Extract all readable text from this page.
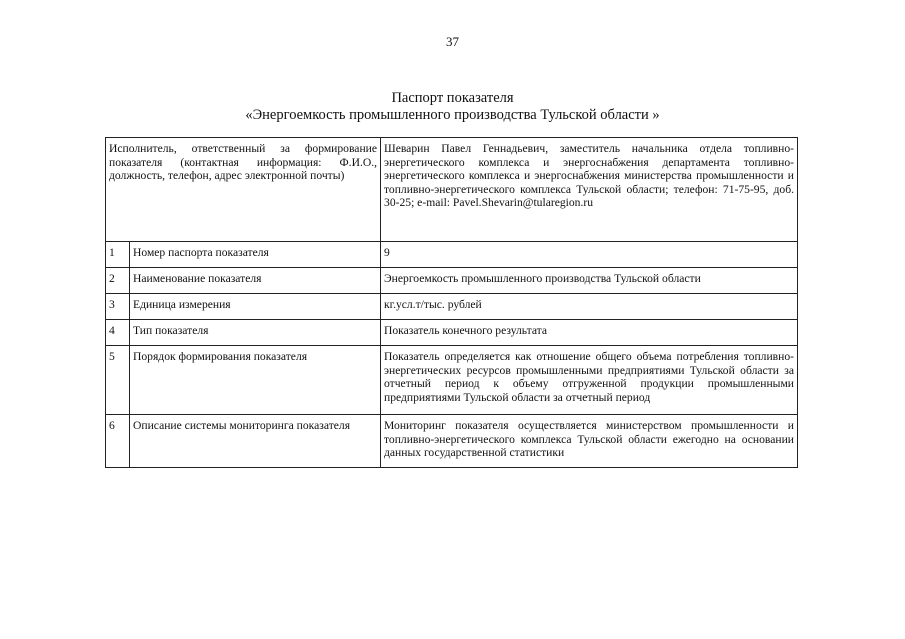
37
Паспорт показателя
«Энергоемкость промышленного производства Тульской области »
Исполнитель, ответственный за формирование показателя (контактная информация: Ф.И.О., должность, телефон, адрес электронной почты)		Шеварин Павел Геннадьевич, заместитель начальника отдела топливно-энергетического комплекса и энергоснабжения департамента топливно-энергетического комплекса и энергоснабжения министерства промышленности и топливно-энергетического комплекса Тульской области; телефон: 71-75-95, доб. 30-25; e-mail: Pavel.Shevarin@tularegion.ru
1	Номер паспорта показателя	9
2	Наименование показателя	Энергоемкость промышленного производства Тульской области
3	Единица измерения	кг.усл.т/тыс. рублей
4	Тип показателя	Показатель конечного результата
5	Порядок формирования показателя	Показатель определяется как отношение общего объема потребления топливно-энергетических ресурсов промышленными предприятиями Тульской области за отчетный период к объему отгруженной продукции промышленными предприятиями Тульской области за отчетный период
6	Описание системы мониторинга показателя	Мониторинг показателя осуществляется министерством промышленности и топливно-энергетического комплекса Тульской области ежегодно на основании данных государственной статистики
